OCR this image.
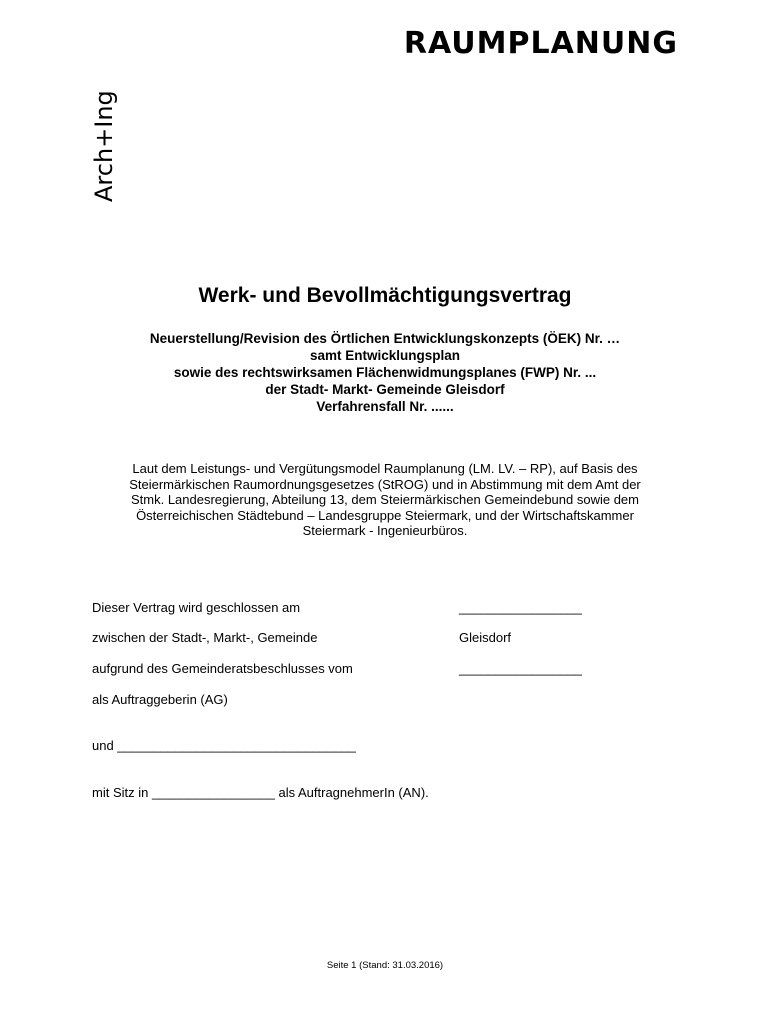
RAUMPLANUNG
Arch+Ing
Werk- und Bevollmächtigungsvertrag
Neuerstellung/Revision des Örtlichen Entwicklungskonzepts (ÖEK) Nr. …
samt Entwicklungsplan
sowie des rechtswirksamen Flächenwidmungsplanes (FWP) Nr. ...
der Stadt- Markt- Gemeinde Gleisdorf
Verfahrensfall Nr. ......
Laut dem Leistungs- und Vergütungsmodel Raumplanung (LM. LV. – RP), auf Basis des
Steiermärkischen Raumordnungsgesetzes (StROG) und in Abstimmung mit dem Amt der
Stmk. Landesregierung, Abteilung 13, dem Steiermärkischen Gemeindebund sowie dem
Österreichischen Städtebund – Landesgruppe Steiermark, und der Wirtschaftskammer
Steiermark - Ingenieurbüros.
Dieser Vertrag wird geschlossen am	_________________
zwischen der Stadt-, Markt-, Gemeinde	Gleisdorf
aufgrund des Gemeinderatsbeschlusses vom	_________________
als Auftraggeberin (AG)
und _________________________________
mit Sitz in _________________ als AuftragnehmerIn (AN).
Seite 1 (Stand: 31.03.2016)
